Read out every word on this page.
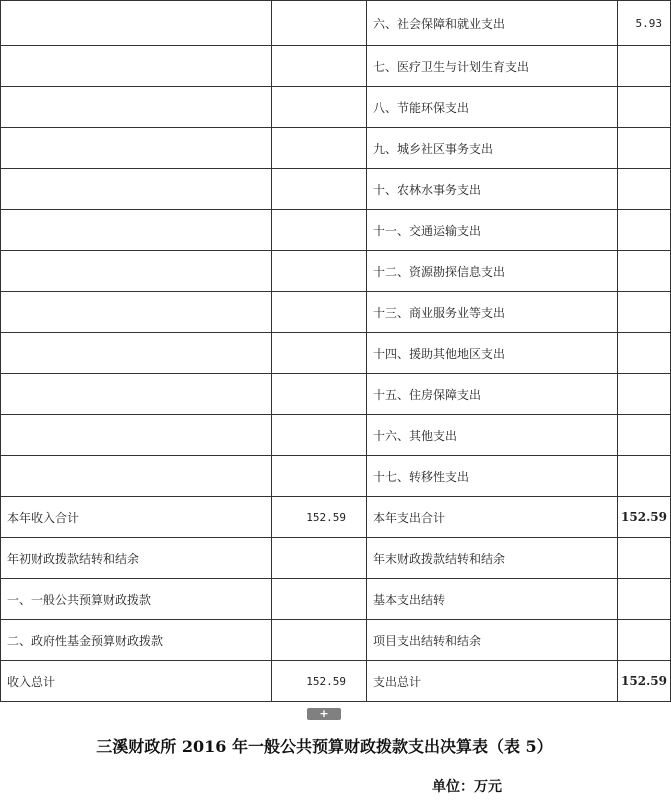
		六、社会保障和就业支出	5.93
		七、医疗卫生与计划生育支出	
		八、节能环保支出	
		九、城乡社区事务支出	
		十、农林水事务支出	
		十一、交通运输支出	
		十二、资源勘探信息支出	
		十三、商业服务业等支出	
		十四、援助其他地区支出	
		十五、住房保障支出	
		十六、其他支出	
		十七、转移性支出	
本年收入合计	152.59	本年支出合计	152.59
年初财政拨款结转和结余		年末财政拨款结转和结余	
一、一般公共预算财政拨款		基本支出结转	
二、政府性基金预算财政拨款		项目支出结转和结余	
收入总计	152.59	支出总计	152.59
+
三溪财政所 2016 年一般公共预算财政拨款支出决算表（表 5）
单位：万元
